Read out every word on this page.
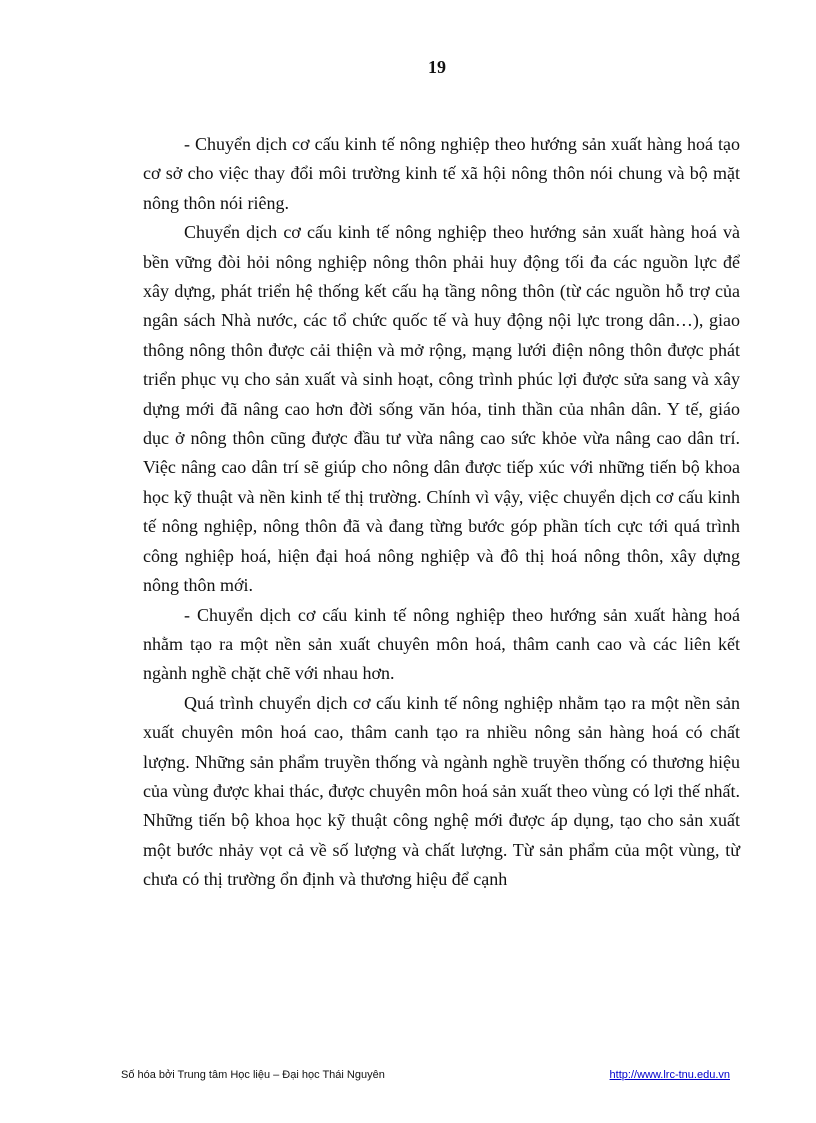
19

- Chuyển dịch cơ cấu kinh tế nông nghiệp theo hướng sản xuất hàng hoá tạo cơ sở cho việc thay đổi môi trường kinh tế xã hội nông thôn nói chung và bộ mặt nông thôn nói riêng.

Chuyển dịch cơ cấu kinh tế nông nghiệp theo hướng sản xuất hàng hoá và bền vững đòi hỏi nông nghiệp nông thôn phải huy động tối đa các nguồn lực để xây dựng, phát triển hệ thống kết cấu hạ tầng nông thôn (từ các nguồn hỗ trợ của ngân sách Nhà nước, các tổ chức quốc tế và huy động nội lực trong dân…), giao thông nông thôn được cải thiện và mở rộng, mạng lưới điện nông thôn được phát triển phục vụ cho sản xuất và sinh hoạt, công trình phúc lợi được sửa sang và xây dựng mới đã nâng cao hơn đời sống văn hóa, tinh thần của nhân dân. Y tế, giáo dục ở nông thôn cũng được đầu tư vừa nâng cao sức khỏe vừa nâng cao dân trí. Việc nâng cao dân trí sẽ giúp cho nông dân được tiếp xúc với những tiến bộ khoa học kỹ thuật và nền kinh tế thị trường. Chính vì vậy, việc chuyển dịch cơ cấu kinh tế nông nghiệp, nông thôn đã và đang từng bước góp phần tích cực tới quá trình công nghiệp hoá, hiện đại hoá nông nghiệp và đô thị hoá nông thôn, xây dựng nông thôn mới.

- Chuyển dịch cơ cấu kinh tế nông nghiệp theo hướng sản xuất hàng hoá nhằm tạo ra một nền sản xuất chuyên môn hoá, thâm canh cao và các liên kết ngành nghề chặt chẽ với nhau hơn.

Quá trình chuyển dịch cơ cấu kinh tế nông nghiệp nhằm tạo ra một nền sản xuất chuyên môn hoá cao, thâm canh tạo ra nhiều nông sản hàng hoá có chất lượng. Những sản phẩm truyền thống và ngành nghề truyền thống có thương hiệu của vùng được khai thác, được chuyên môn hoá sản xuất theo vùng có lợi thế nhất. Những tiến bộ khoa học kỹ thuật công nghệ mới được áp dụng, tạo cho sản xuất một bước nhảy vọt cả về số lượng và chất lượng. Từ sản phẩm của một vùng, từ chưa có thị trường ổn định và thương hiệu để cạnh

Số hóa bởi Trung tâm Học liệu – Đại học Thái Nguyên	http://www.lrc-tnu.edu.vn
